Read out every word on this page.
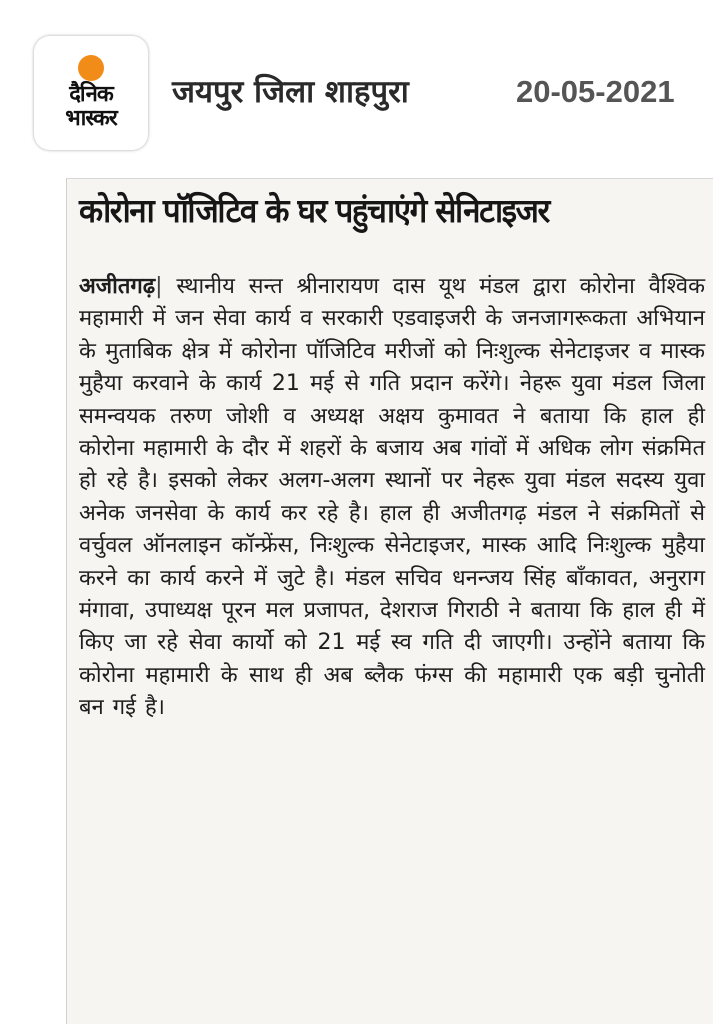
दैनिक
भास्कर
जयपुर जिला शाहपुरा	20-05-2021
कोरोना पॉजिटिव के घर पहुंचाएंगे सेनिटाइजर
अजीतगढ़| स्थानीय सन्त श्रीनारायण दास यूथ मंडल द्वारा कोरोना वैश्विक महामारी में जन सेवा कार्य व सरकारी एडवाइजरी के जनजागरूकता अभियान के मुताबिक क्षेत्र में कोरोना पॉजिटिव मरीजों को निःशुल्क सेनेटाइजर व मास्क मुहैया करवाने के कार्य 21 मई से गति प्रदान करेंगे। नेहरू युवा मंडल जिला समन्वयक तरुण जोशी व अध्यक्ष अक्षय कुमावत ने बताया कि हाल ही कोरोना महामारी के दौर में शहरों के बजाय अब गांवों में अधिक लोग संक्रमित हो रहे है। इसको लेकर अलग-अलग स्थानों पर नेहरू युवा मंडल सदस्य युवा अनेक जनसेवा के कार्य कर रहे है। हाल ही अजीतगढ़ मंडल ने संक्रमितों से वर्चुवल ऑनलाइन कॉन्फ्रेंस, निःशुल्क सेनेटाइजर, मास्क आदि निःशुल्क मुहैया करने का कार्य करने में जुटे है। मंडल सचिव धनन्जय सिंह बाँकावत, अनुराग मंगावा, उपाध्यक्ष पूरन मल प्रजापत, देशराज गिराठी ने बताया कि हाल ही में किए जा रहे सेवा कार्यो को 21 मई स्व गति दी जाएगी। उन्होंने बताया कि कोरोना महामारी के साथ ही अब ब्लैक फंग्स की महामारी एक बड़ी चुनोती बन गई है।
